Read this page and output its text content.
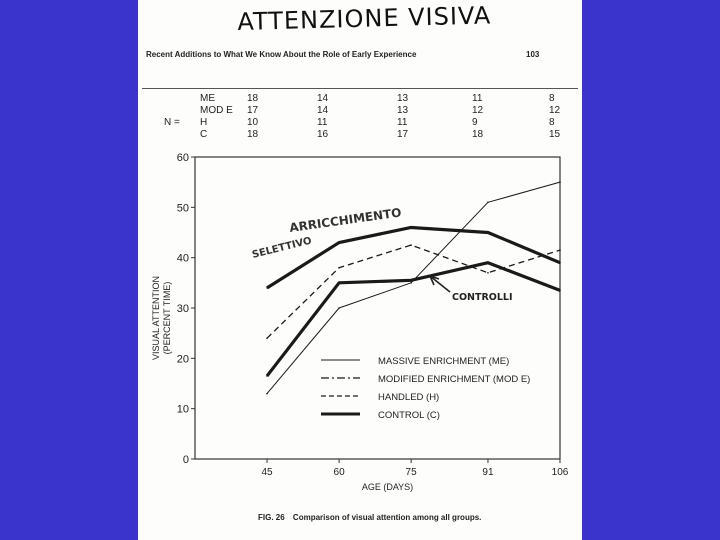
ATTENZIONE VISIVA
Recent Additions to What We Know About the Role of Early Experience	103
N =
ME	18	14	13	11	8
MOD E 17	14	13	12	12
H	10	11	11	9	8
C	18	16	17	18	15
FIG. 26 Comparison of visual attention among all groups.
0
10
20
30
40
50
60
45	60	75	91	106
AGE (DAYS)
VISUAL ATTENTION(PERCENT TIME)
MASSIVE ENRICHMENT (ME)
MODIFIED ENRICHMENT (MOD E)
HANDLED (H)
CONTROL (C)
ARRICCHIMENTO
SELETTIVO
CONTROLLI
